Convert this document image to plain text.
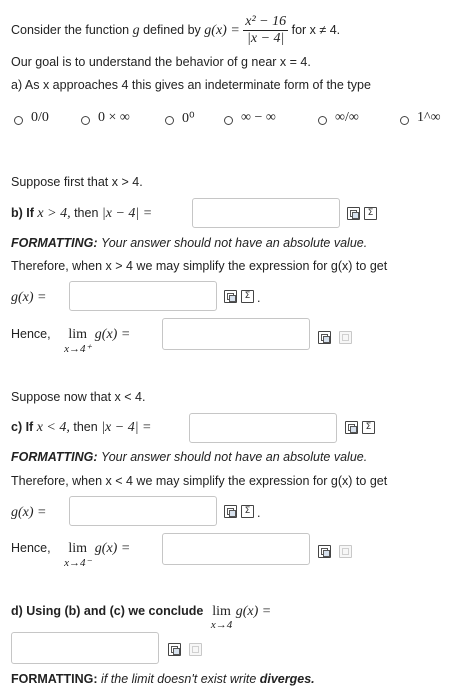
Consider the function g defined by $g(x) = \frac{\text{x² − 16}}{|x - 4|}$ for x ≠ 4.
Our goal is to understand the behavior of g near x = 4.
a) As x approaches 4 this gives an indeterminate form of the type
0/0	0 × ∞	0⁰	∞ − ∞	∞/∞	1^∞
Suppose first that x > 4.
b) If x > 4, then |x − 4| =	Σ
FORMATTING: Your answer should not have an absolute value.
Therefore, when x > 4 we may simplify the expression for g(x) to get
g(x) =	Σ .
Hence, lim
x→4⁺
g(x) =
Suppose now that x < 4.
c) If x < 4, then |x − 4| =	Σ
FORMATTING: Your answer should not have an absolute value.
Therefore, when x < 4 we may simplify the expression for g(x) to get
g(x) =	Σ .
Hence, lim
x→4⁻
g(x) =
d) Using (b) and (c) we conclude lim
x→4
g(x) =
FORMATTING: if the limit doesn't exist write diverges.
